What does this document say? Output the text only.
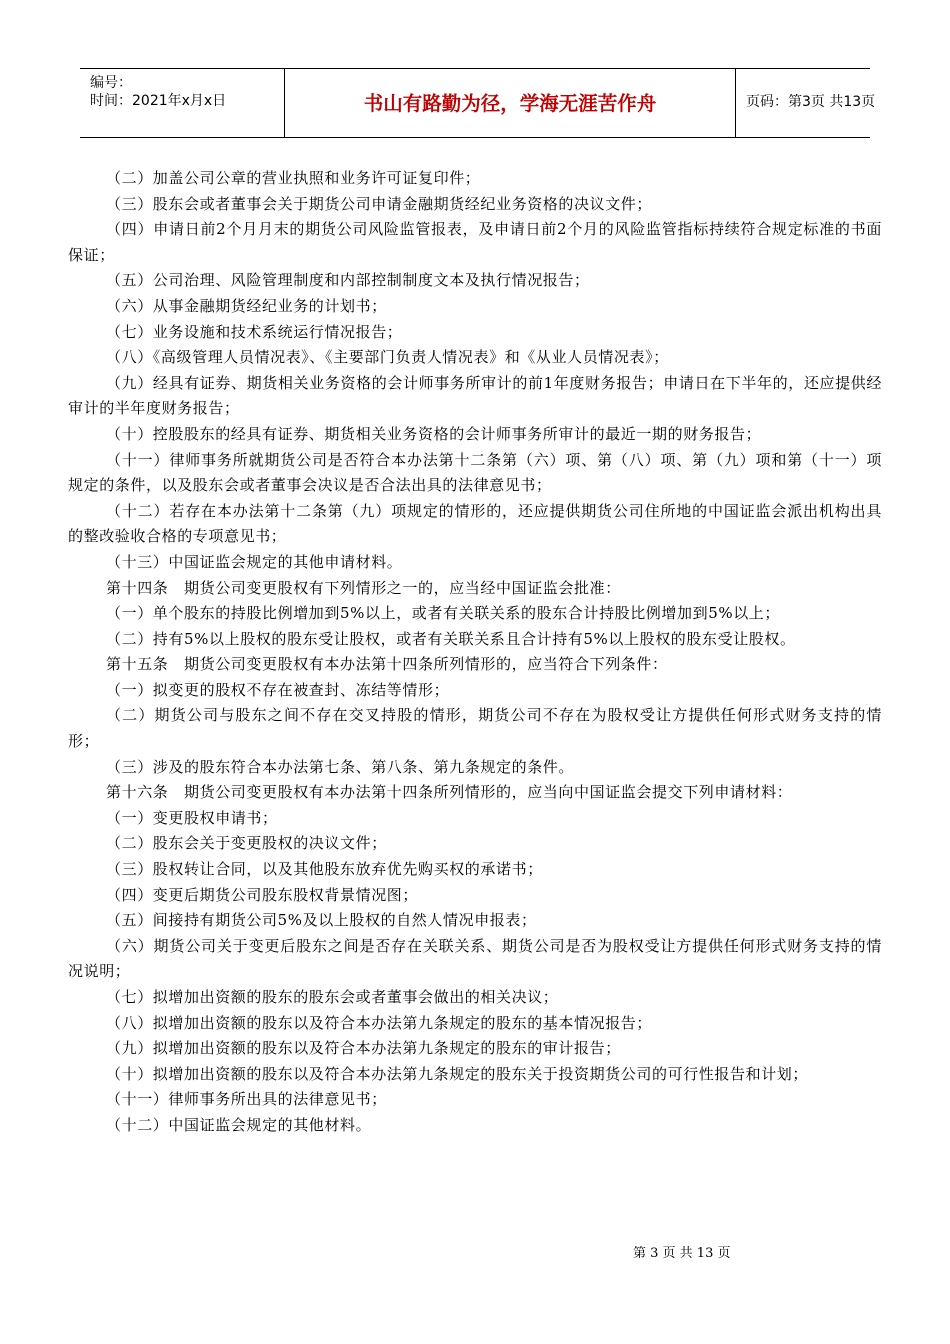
编号：
时间：2021年x月x日	书山有路勤为径，学海无涯苦作舟	页码：第3页 共13页

（二）加盖公司公章的营业执照和业务许可证复印件；

（三）股东会或者董事会关于期货公司申请金融期货经纪业务资格的决议文件；

（四）申请日前2个月月末的期货公司风险监管报表，及申请日前2个月的风险监管指标持续符合规定标准的书面保证；

（五）公司治理、风险管理制度和内部控制制度文本及执行情况报告；

（六）从事金融期货经纪业务的计划书；

（七）业务设施和技术系统运行情况报告；

（八）《高级管理人员情况表》、《主要部门负责人情况表》和《从业人员情况表》；

（九）经具有证券、期货相关业务资格的会计师事务所审计的前1年度财务报告；申请日在下半年的，还应提供经审计的半年度财务报告；

（十）控股股东的经具有证券、期货相关业务资格的会计师事务所审计的最近一期的财务报告；

（十一）律师事务所就期货公司是否符合本办法第十二条第（六）项、第（八）项、第（九）项和第（十一）项规定的条件，以及股东会或者董事会决议是否合法出具的法律意见书；

（十二）若存在本办法第十二条第（九）项规定的情形的，还应提供期货公司住所地的中国证监会派出机构出具的整改验收合格的专项意见书；

（十三）中国证监会规定的其他申请材料。

第十四条　期货公司变更股权有下列情形之一的，应当经中国证监会批准：

（一）单个股东的持股比例增加到5%以上，或者有关联关系的股东合计持股比例增加到5%以上；

（二）持有5%以上股权的股东受让股权，或者有关联关系且合计持有5%以上股权的股东受让股权。

第十五条　期货公司变更股权有本办法第十四条所列情形的，应当符合下列条件：

（一）拟变更的股权不存在被查封、冻结等情形；

（二）期货公司与股东之间不存在交叉持股的情形，期货公司不存在为股权受让方提供任何形式财务支持的情形；

（三）涉及的股东符合本办法第七条、第八条、第九条规定的条件。

第十六条　期货公司变更股权有本办法第十四条所列情形的，应当向中国证监会提交下列申请材料：

（一）变更股权申请书；

（二）股东会关于变更股权的决议文件；

（三）股权转让合同，以及其他股东放弃优先购买权的承诺书；

（四）变更后期货公司股东股权背景情况图；

（五）间接持有期货公司5%及以上股权的自然人情况申报表；

（六）期货公司关于变更后股东之间是否存在关联关系、期货公司是否为股权受让方提供任何形式财务支持的情况说明；

（七）拟增加出资额的股东的股东会或者董事会做出的相关决议；

（八）拟增加出资额的股东以及符合本办法第九条规定的股东的基本情况报告；

（九）拟增加出资额的股东以及符合本办法第九条规定的股东的审计报告；

（十）拟增加出资额的股东以及符合本办法第九条规定的股东关于投资期货公司的可行性报告和计划；

（十一）律师事务所出具的法律意见书；

（十二）中国证监会规定的其他材料。

第 3 页 共 13 页
